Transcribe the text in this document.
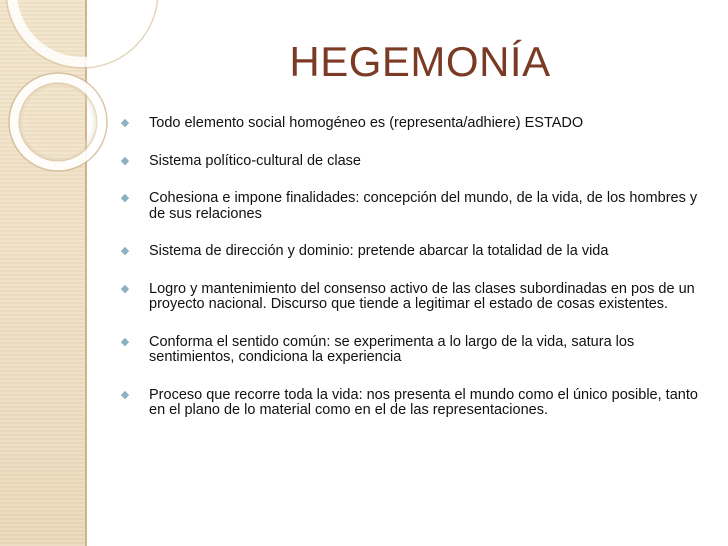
HEGEMONÍA
◆ Todo elemento social homogéneo es (representa/adhiere) ESTADO
◆ Sistema político-cultural de clase
◆ Cohesiona e impone finalidades: concepción del mundo, de la vida, de los hombres y de sus relaciones
◆ Sistema de dirección y dominio: pretende abarcar la totalidad de la vida
◆ Logro y mantenimiento del consenso activo de las clases subordinadas en pos de un proyecto nacional. Discurso que tiende a legitimar el estado de cosas existentes.
◆ Conforma el sentido común: se experimenta a lo largo de la vida, satura los sentimientos, condiciona la experiencia
◆ Proceso que recorre toda la vida: nos presenta el mundo como el único posible, tanto en el plano de lo material como en el de las representaciones.
